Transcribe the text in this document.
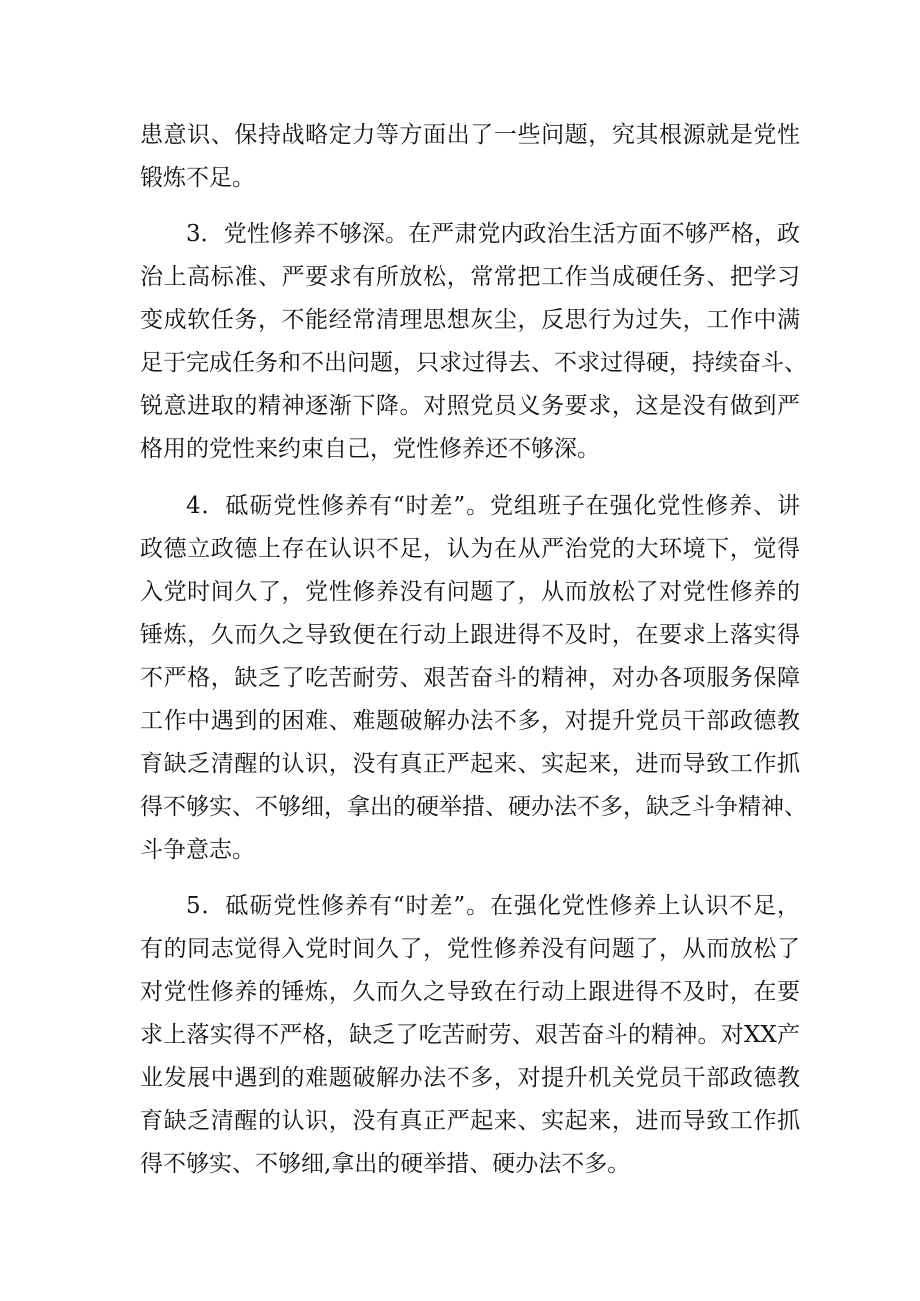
患意识、保持战略定力等方面出了一些问题，究其根源就是党性
锻炼不足。
3．党性修养不够深。在严肃党内政治生活方面不够严格，政
治上高标准、严要求有所放松，常常把工作当成硬任务、把学习
变成软任务，不能经常清理思想灰尘，反思行为过失，工作中满
足于完成任务和不出问题，只求过得去、不求过得硬，持续奋斗、
锐意进取的精神逐渐下降。对照党员义务要求，这是没有做到严
格用的党性来约束自己，党性修养还不够深。
4．砥砺党性修养有“时差”。党组班子在强化党性修养、讲
政德立政德上存在认识不足，认为在从严治党的大环境下，觉得
入党时间久了，党性修养没有问题了，从而放松了对党性修养的
锤炼，久而久之导致便在行动上跟进得不及时，在要求上落实得
不严格，缺乏了吃苦耐劳、艰苦奋斗的精神，对办各项服务保障
工作中遇到的困难、难题破解办法不多，对提升党员干部政德教
育缺乏清醒的认识，没有真正严起来、实起来，进而导致工作抓
得不够实、不够细，拿出的硬举措、硬办法不多，缺乏斗争精神、
斗争意志。
5．砥砺党性修养有“时差”。在强化党性修养上认识不足，
有的同志觉得入党时间久了，党性修养没有问题了，从而放松了
对党性修养的锤炼，久而久之导致在行动上跟进得不及时，在要
求上落实得不严格，缺乏了吃苦耐劳、艰苦奋斗的精神。对XX产
业发展中遇到的难题破解办法不多，对提升机关党员干部政德教
育缺乏清醒的认识，没有真正严起来、实起来，进而导致工作抓
得不够实、不够细,拿出的硬举措、硬办法不多。
